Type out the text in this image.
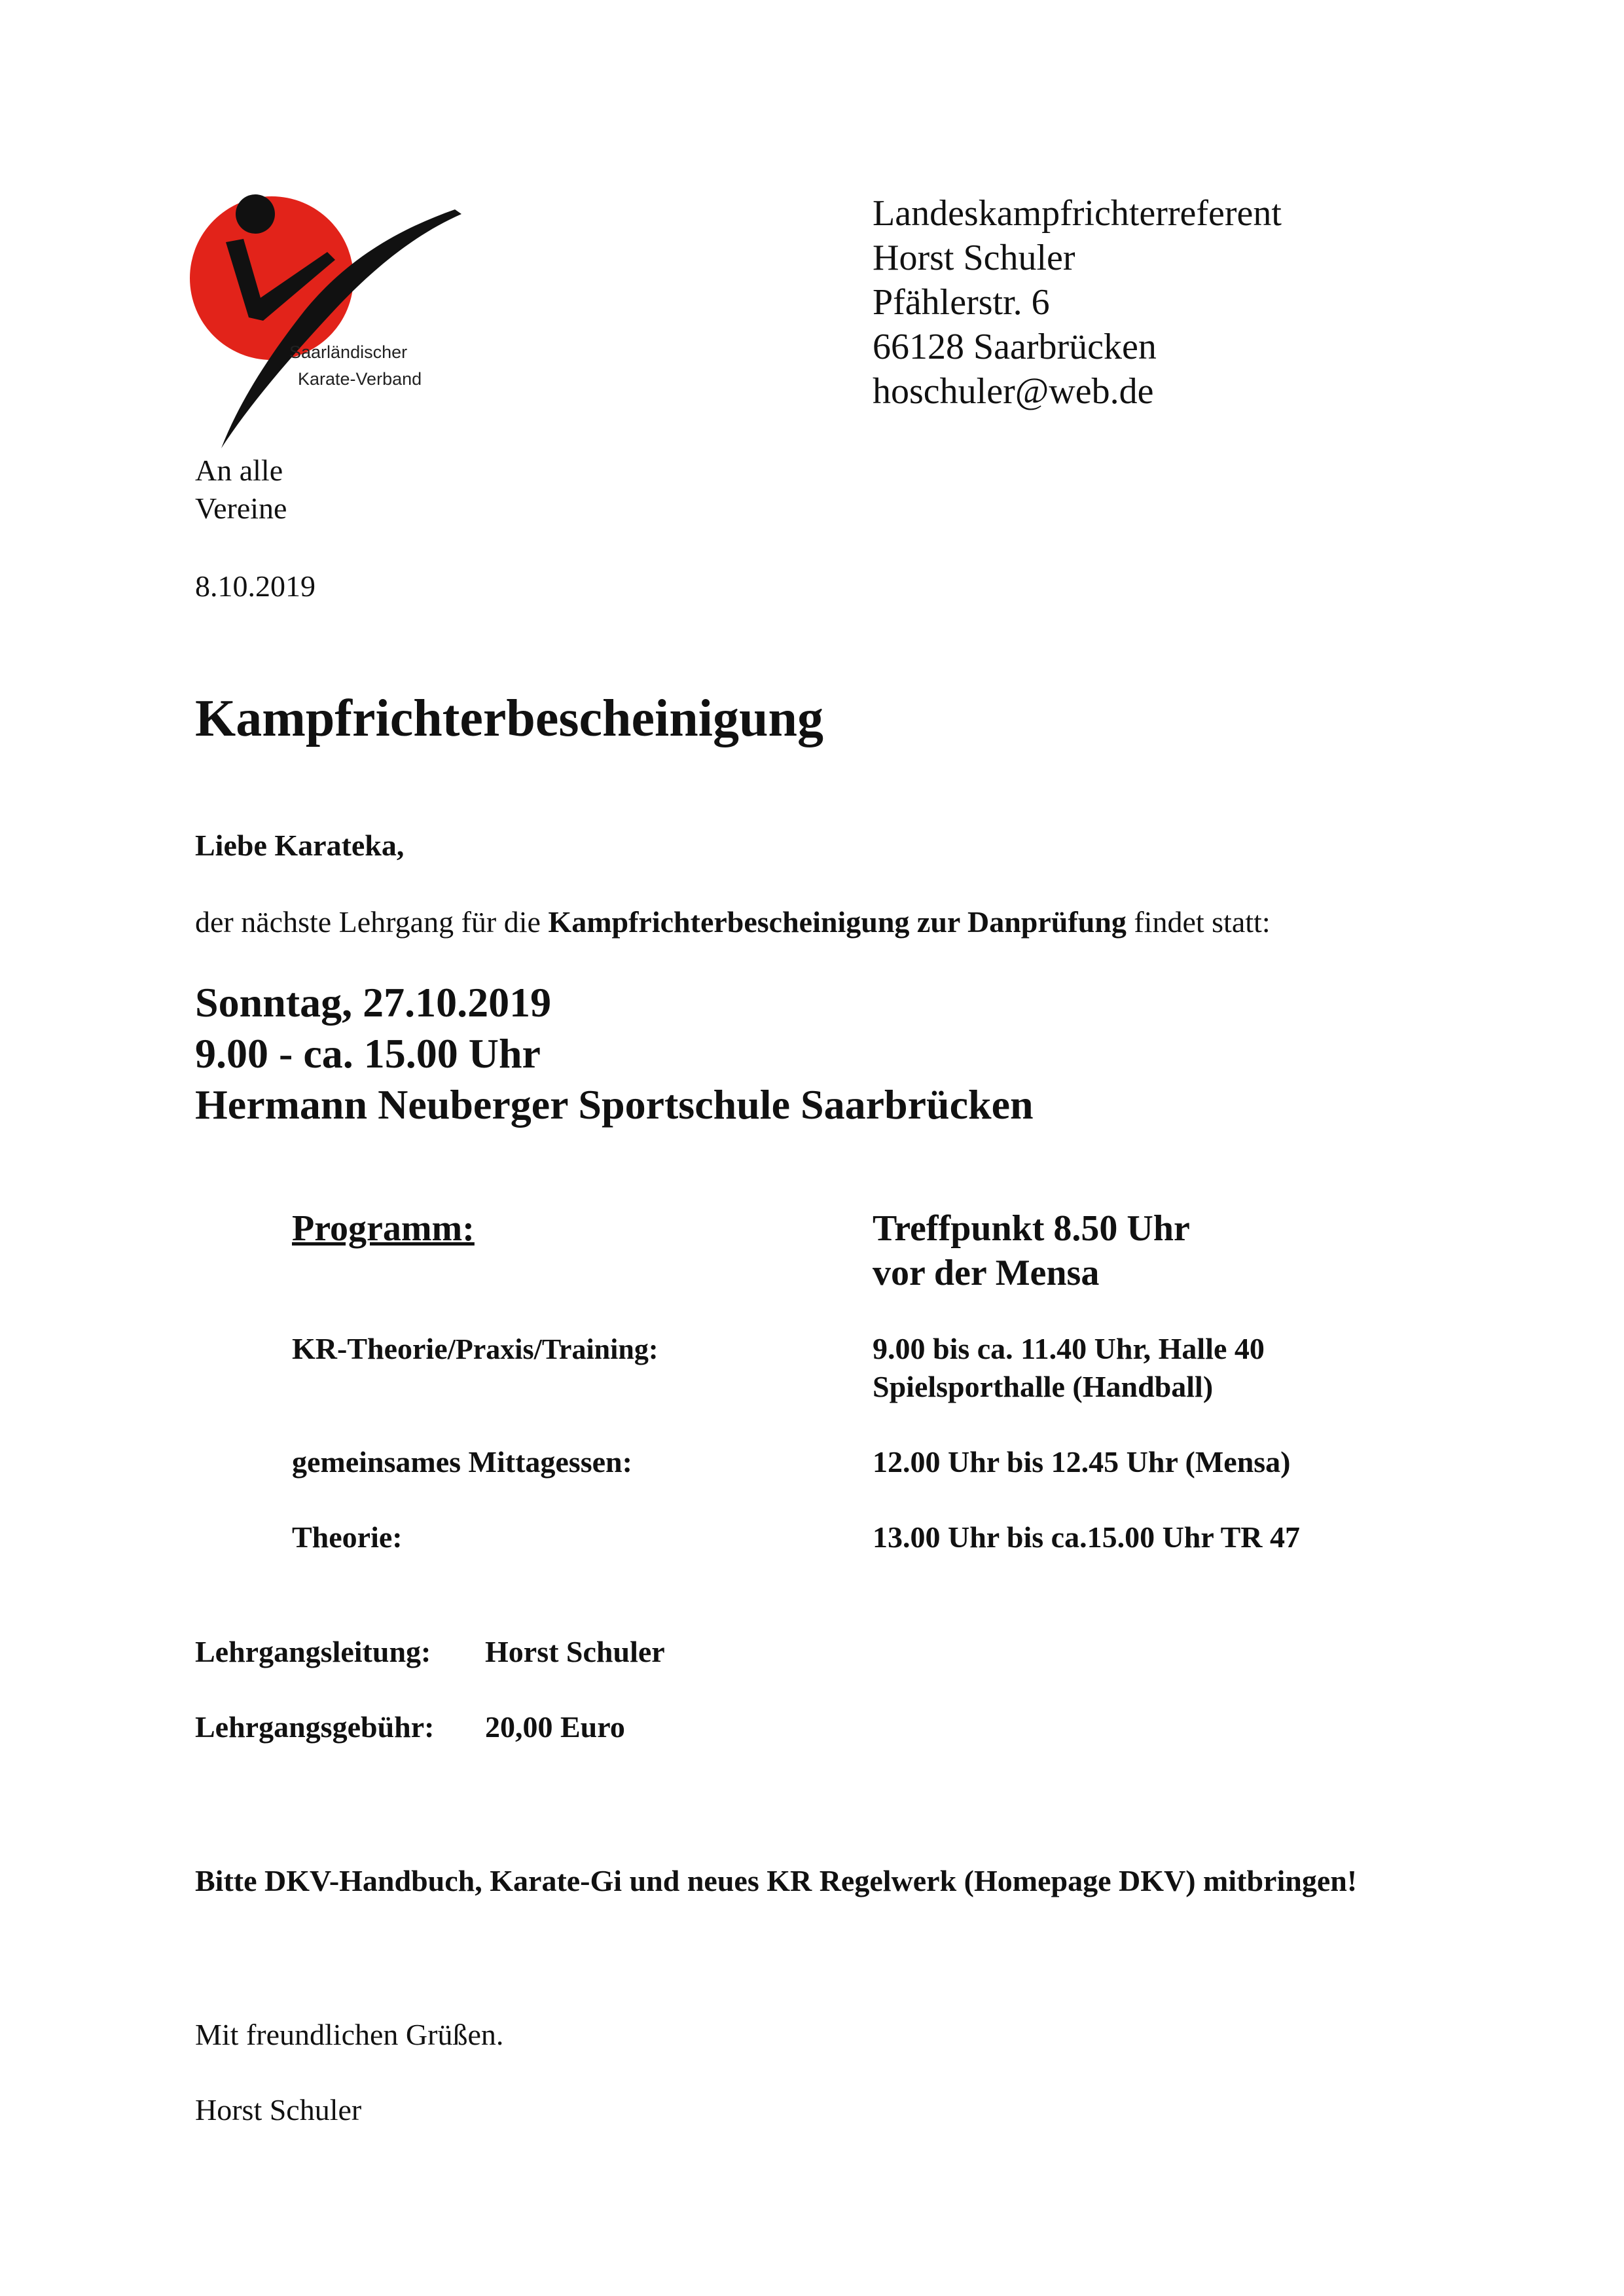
Saarländischer
Karate-Verband
Landeskampfrichterreferent
Horst Schuler
Pfählerstr. 6
66128 Saarbrücken
hoschuler@web.de
An alle
Vereine
8.10.2019
Kampfrichterbescheinigung
Liebe Karateka,
der nächste Lehrgang für die Kampfrichterbescheinigung zur Danprüfung findet statt:
Sonntag, 27.10.2019
9.00 - ca. 15.00 Uhr
Hermann Neuberger Sportschule Saarbrücken
Programm:	Treffpunkt 8.50 Uhr
vor der Mensa
KR-Theorie/Praxis/Training:	9.00 bis ca. 11.40 Uhr, Halle 40
Spielsporthalle (Handball)
gemeinsames Mittagessen:	12.00 Uhr bis 12.45 Uhr (Mensa)
Theorie:	13.00 Uhr bis ca.15.00 Uhr TR 47
Lehrgangsleitung: Horst Schuler
Lehrgangsgebühr: 20,00 Euro
Bitte DKV-Handbuch, Karate-Gi und neues KR Regelwerk (Homepage DKV) mitbringen!
Mit freundlichen Grüßen.
Horst Schuler
